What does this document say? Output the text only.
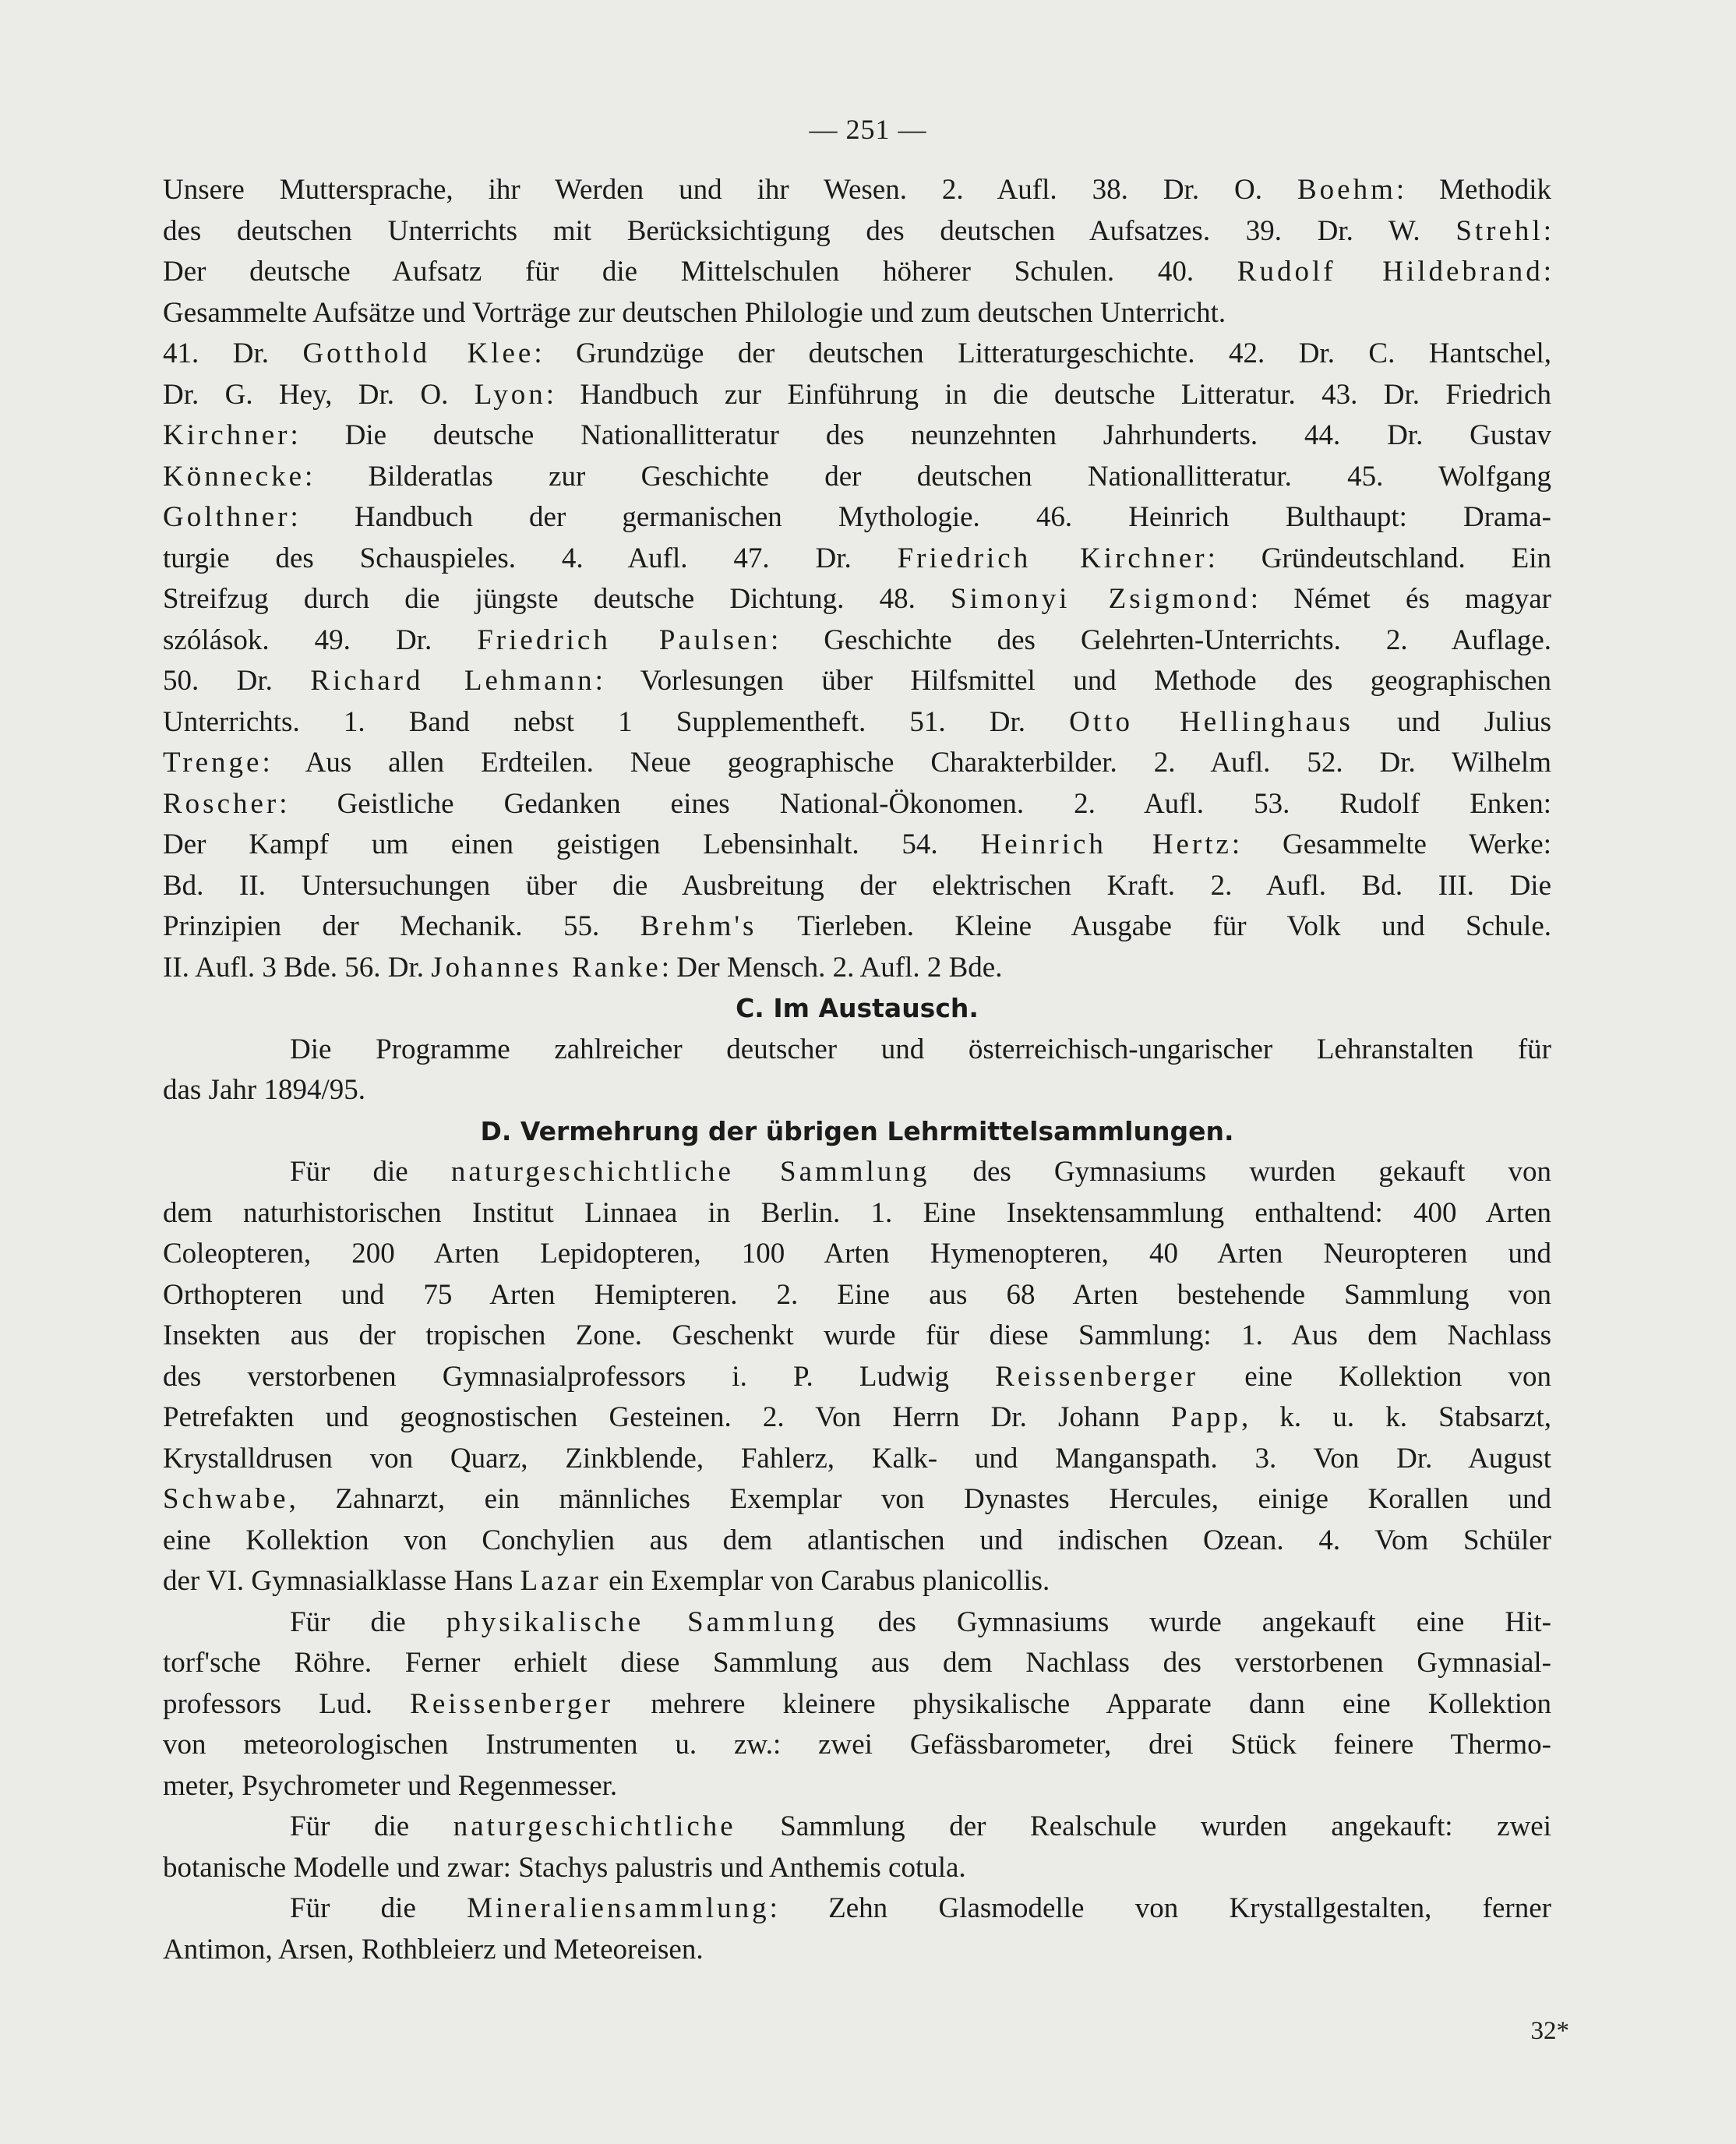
— 251 —
Unsere Muttersprache, ihr Werden und ihr Wesen. 2. Aufl. 38. Dr. O. Boehm: Methodik
des deutschen Unterrichts mit Berücksichtigung des deutschen Aufsatzes. 39. Dr. W. Strehl:
Der deutsche Aufsatz für die Mittelschulen höherer Schulen. 40. Rudolf Hildebrand:
Gesammelte Aufsätze und Vorträge zur deutschen Philologie und zum deutschen Unterricht.
41. Dr. Gotthold Klee: Grundzüge der deutschen Litteraturgeschichte. 42. Dr. C. Hantschel,
Dr. G. Hey, Dr. O. Lyon: Handbuch zur Einführung in die deutsche Litteratur. 43. Dr. Friedrich
Kirchner: Die deutsche Nationallitteratur des neunzehnten Jahrhunderts. 44. Dr. Gustav
Könnecke: Bilderatlas zur Geschichte der deutschen Nationallitteratur. 45. Wolfgang
Golthner: Handbuch der germanischen Mythologie. 46. Heinrich Bulthaupt: Drama-
turgie des Schauspieles. 4. Aufl. 47. Dr. Friedrich Kirchner: Gründeutschland. Ein
Streifzug durch die jüngste deutsche Dichtung. 48. Simonyi Zsigmond: Német és magyar
szólások. 49. Dr. Friedrich Paulsen: Geschichte des Gelehrten-Unterrichts. 2. Auflage.
50. Dr. Richard Lehmann: Vorlesungen über Hilfsmittel und Methode des geographischen
Unterrichts. 1. Band nebst 1 Supplementheft. 51. Dr. Otto Hellinghaus und Julius
Trenge: Aus allen Erdteilen. Neue geographische Charakterbilder. 2. Aufl. 52. Dr. Wilhelm
Roscher: Geistliche Gedanken eines National-Ökonomen. 2. Aufl. 53. Rudolf Enken:
Der Kampf um einen geistigen Lebensinhalt. 54. Heinrich Hertz: Gesammelte Werke:
Bd. II. Untersuchungen über die Ausbreitung der elektrischen Kraft. 2. Aufl. Bd. III. Die
Prinzipien der Mechanik. 55. Brehm's Tierleben. Kleine Ausgabe für Volk und Schule.
II. Aufl. 3 Bde. 56. Dr. Johannes Ranke: Der Mensch. 2. Aufl. 2 Bde.
C. Im Austausch.
Die Programme zahlreicher deutscher und österreichisch-ungarischer Lehranstalten für
das Jahr 1894/95.
D. Vermehrung der übrigen Lehrmittelsammlungen.
Für die naturgeschichtliche Sammlung des Gymnasiums wurden gekauft von
dem naturhistorischen Institut Linnaea in Berlin. 1. Eine Insektensammlung enthaltend: 400 Arten
Coleopteren, 200 Arten Lepidopteren, 100 Arten Hymenopteren, 40 Arten Neuropteren und
Orthopteren und 75 Arten Hemipteren. 2. Eine aus 68 Arten bestehende Sammlung von
Insekten aus der tropischen Zone. Geschenkt wurde für diese Sammlung: 1. Aus dem Nachlass
des verstorbenen Gymnasialprofessors i. P. Ludwig Reissenberger eine Kollektion von
Petrefakten und geognostischen Gesteinen. 2. Von Herrn Dr. Johann Papp, k. u. k. Stabsarzt,
Krystalldrusen von Quarz, Zinkblende, Fahlerz, Kalk- und Manganspath. 3. Von Dr. August
Schwabe, Zahnarzt, ein männliches Exemplar von Dynastes Hercules, einige Korallen und
eine Kollektion von Conchylien aus dem atlantischen und indischen Ozean. 4. Vom Schüler
der VI. Gymnasialklasse Hans Lazar ein Exemplar von Carabus planicollis.
Für die physikalische Sammlung des Gymnasiums wurde angekauft eine Hit-
torf'sche Röhre. Ferner erhielt diese Sammlung aus dem Nachlass des verstorbenen Gymnasial-
professors Lud. Reissenberger mehrere kleinere physikalische Apparate dann eine Kollektion
von meteorologischen Instrumenten u. zw.: zwei Gefässbarometer, drei Stück feinere Thermo-
meter, Psychrometer und Regenmesser.
Für die naturgeschichtliche Sammlung der Realschule wurden angekauft: zwei
botanische Modelle und zwar: Stachys palustris und Anthemis cotula.
Für die Mineraliensammlung: Zehn Glasmodelle von Krystallgestalten, ferner
Antimon, Arsen, Rothbleierz und Meteoreisen.
32*
